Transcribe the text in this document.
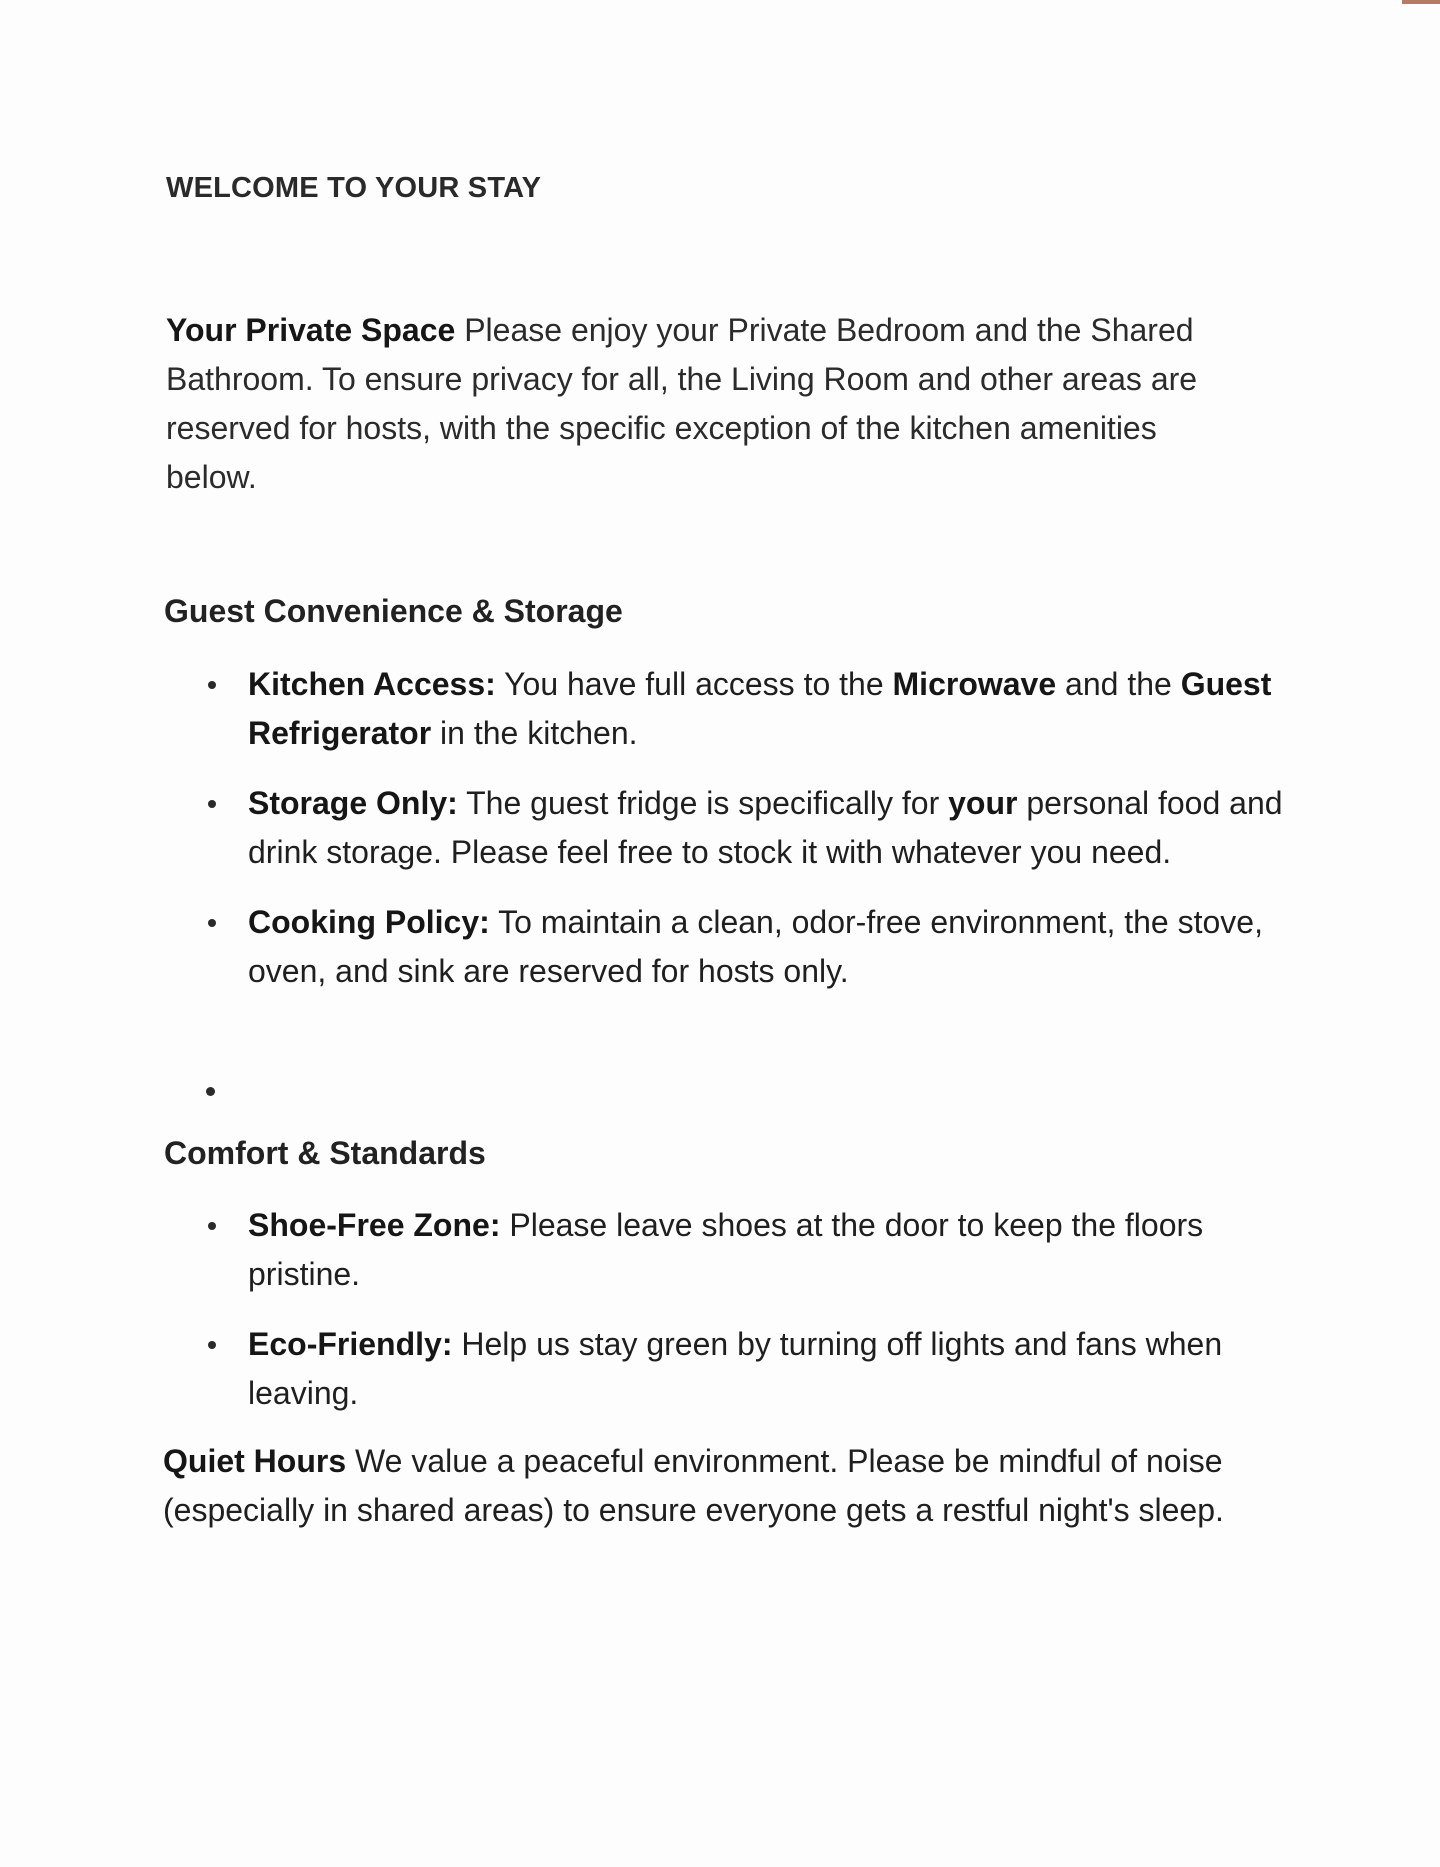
WELCOME TO YOUR STAY

Your Private Space Please enjoy your Private Bedroom and the Shared Bathroom. To ensure privacy for all, the Living Room and other areas are reserved for hosts, with the specific exception of the kitchen amenities below.

Guest Convenience & Storage
Kitchen Access: You have full access to the Microwave and the Guest Refrigerator in the kitchen.
Storage Only: The guest fridge is specifically for your personal food and drink storage. Please feel free to stock it with whatever you need.
Cooking Policy: To maintain a clean, odor-free environment, the stove, oven, and sink are reserved for hosts only.
Comfort & Standards
Shoe-Free Zone: Please leave shoes at the door to keep the floors pristine.
Eco-Friendly: Help us stay green by turning off lights and fans when leaving.

Quiet Hours We value a peaceful environment. Please be mindful of noise (especially in shared areas) to ensure everyone gets a restful night's sleep.
